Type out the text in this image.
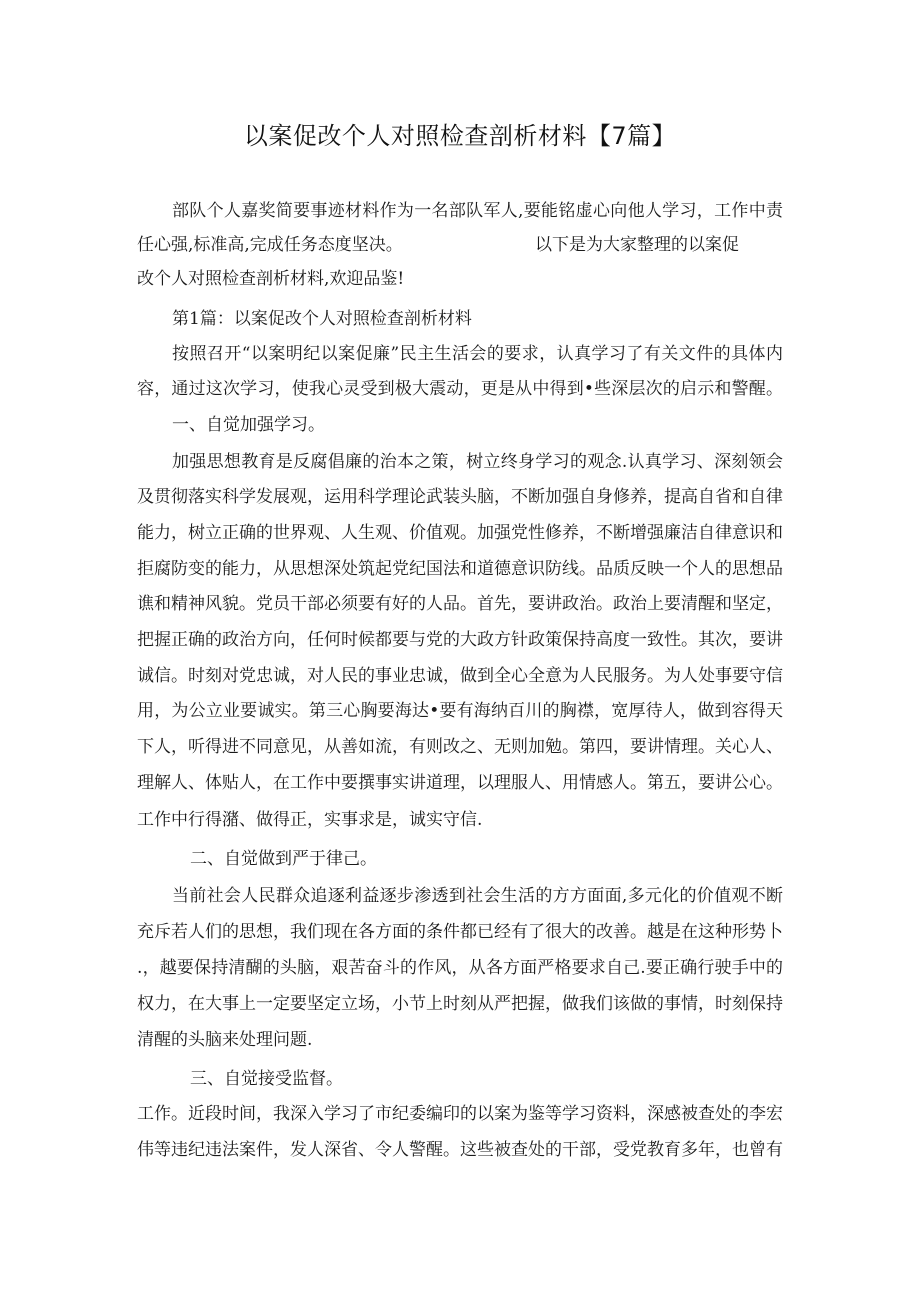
以案促改个人对照检查剖析材料【7篇】
部队个人嘉奖简要事迹材料作为一名部队军人,要能铭虚心向他人学习，工作中责
任心强,标准高,完成任务态度坚决。	以下是为大家整理的以案促
改个人对照检查剖析材料,欢迎品鉴!
第1篇：以案促改个人对照检查剖析材料
按照召开“以案明纪以案促廉”民主生活会的要求，认真学习了有关文件的具体内
容，通过这次学习，使我心灵受到极大震动，更是从中得到•些深层次的启示和警醒。
一、自觉加强学习。
加强思想教育是反腐倡廉的治本之策，树立终身学习的观念.认真学习、深刻领会
及贯彻落实科学发展观，运用科学理论武装头脑，不断加强自身修养，提高自省和自律
能力，树立正确的世界观、人生观、价值观。加强党性修养，不断增强廉洁自律意识和
拒腐防变的能力，从思想深处筑起党纪国法和道德意识防线。品质反映一个人的思想品
谯和精神风貌。党员干部必须要有好的人品。首先，要讲政治。政治上要清醒和坚定，
把握正确的政治方向，任何时候都要与党的大政方针政策保持高度一致性。其次，要讲
诚信。时刻对党忠诚，对人民的事业忠诚，做到全心全意为人民服务。为人处事要守信
用，为公立业要诚实。第三心胸要海达•要有海纳百川的胸襟，宽厚待人，做到容得天
下人，听得进不同意见，从善如流，有则改之、无则加勉。第四，要讲情理。关心人、
理解人、体贴人，在工作中要撰事实讲道理，以理服人、用情感人。第五，要讲公心。
工作中行得潴、做得正，实事求是，诚实守信.
二、自觉做到严于律己。
当前社会人民群众追逐利益逐步渗透到社会生活的方方面面,多元化的价值观不断
充斥若人们的思想，我们现在各方面的条件都已经有了很大的改善。越是在这种形势卜
.，越要保持清醐的头脑，艰苦奋斗的作风，从各方面严格要求自己.要正确行驶手中的
权力，在大事上一定要坚定立场，小节上时刻从严把握，做我们该做的事情，时刻保持
清醒的头脑来处理问题.
三、自觉接受监督。
工作。近段时间，我深入学习了市纪委编印的以案为鉴等学习资料，深感被查处的李宏
伟等违纪违法案件，发人深省、令人警醒。这些被查处的干部，受党教育多年，也曾有
